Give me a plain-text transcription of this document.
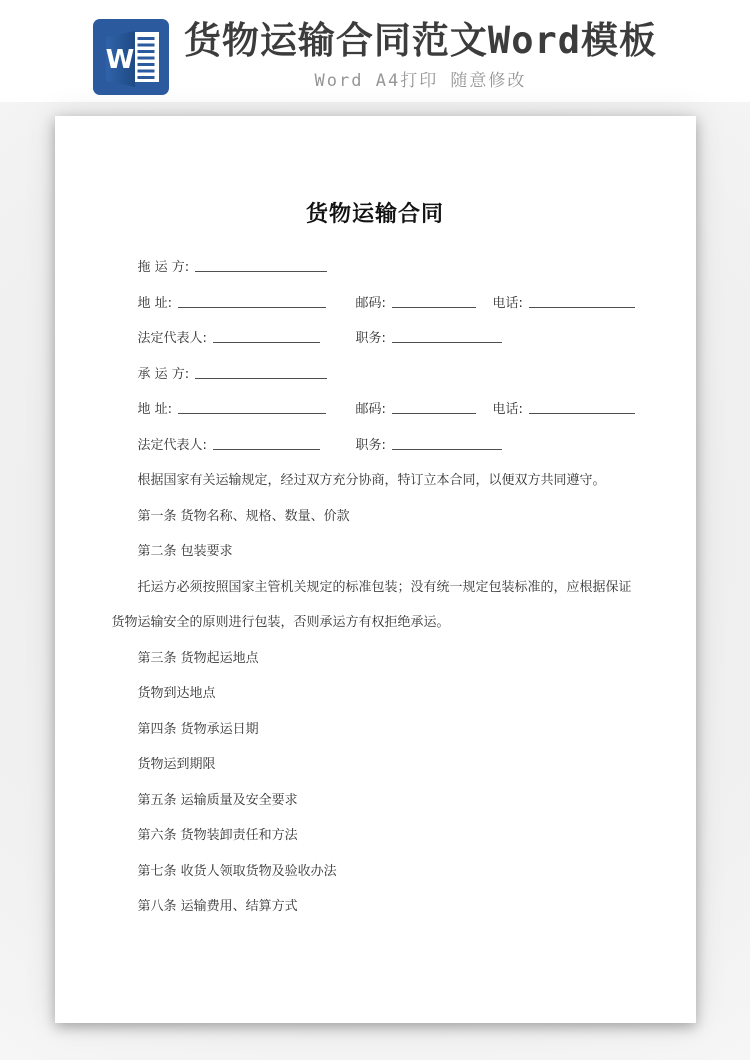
W 货物运输合同范文Word模板
Word A4打印 随意修改
货物运输合同
拖 运 方:
地 址:	邮码:	电话:
法定代表人:	职务:
承 运 方:
地 址:	邮码:	电话:
法定代表人:	职务:

根据国家有关运输规定，经过双方充分协商，特订立本合同，以便双方共同遵守。

第一条 货物名称、规格、数量、价款

第二条 包装要求

托运方必须按照国家主管机关规定的标准包装；没有统一规定包装标准的，应根据保证货物运输安全的原则进行包装，否则承运方有权拒绝承运。

第三条 货物起运地点

货物到达地点

第四条 货物承运日期

货物运到期限

第五条 运输质量及安全要求

第六条 货物装卸责任和方法

第七条 收货人领取货物及验收办法

第八条 运输费用、结算方式
